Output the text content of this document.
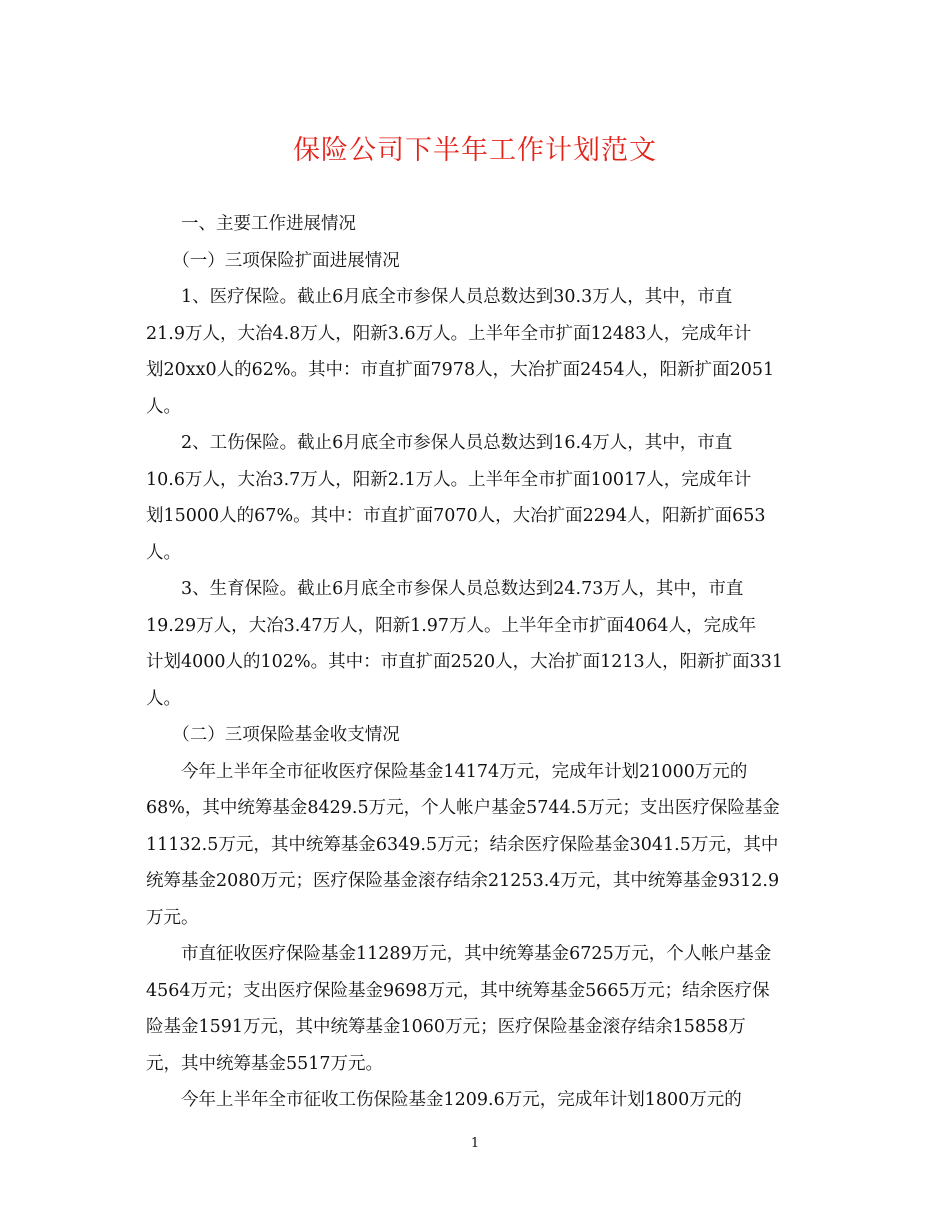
保险公司下半年工作计划范文
　　一、主要工作进展情况
　　（一）三项保险扩面进展情况
　　1、医疗保险。截止6月底全市参保人员总数达到30.3万人，其中，市直
21.9万人，大冶4.8万人，阳新3.6万人。上半年全市扩面12483人，完成年计
划20xx0人的62%。其中：市直扩面7978人，大冶扩面2454人，阳新扩面2051
人。
　　2、工伤保险。截止6月底全市参保人员总数达到16.4万人，其中，市直
10.6万人，大冶3.7万人，阳新2.1万人。上半年全市扩面10017人，完成年计
划15000人的67%。其中：市直扩面7070人，大冶扩面2294人，阳新扩面653
人。
　　3、生育保险。截止6月底全市参保人员总数达到24.73万人，其中，市直
19.29万人，大冶3.47万人，阳新1.97万人。上半年全市扩面4064人，完成年
计划4000人的102%。其中：市直扩面2520人，大冶扩面1213人，阳新扩面331
人。
　　（二）三项保险基金收支情况
　　今年上半年全市征收医疗保险基金14174万元，完成年计划21000万元的
68%，其中统筹基金8429.5万元，个人帐户基金5744.5万元；支出医疗保险基金
11132.5万元，其中统筹基金6349.5万元；结余医疗保险基金3041.5万元，其中
统筹基金2080万元；医疗保险基金滚存结余21253.4万元，其中统筹基金9312.9
万元。
　　市直征收医疗保险基金11289万元，其中统筹基金6725万元，个人帐户基金
4564万元；支出医疗保险基金9698万元，其中统筹基金5665万元；结余医疗保
险基金1591万元，其中统筹基金1060万元；医疗保险基金滚存结余15858万
元，其中统筹基金5517万元。
　　今年上半年全市征收工伤保险基金1209.6万元，完成年计划1800万元的
1
